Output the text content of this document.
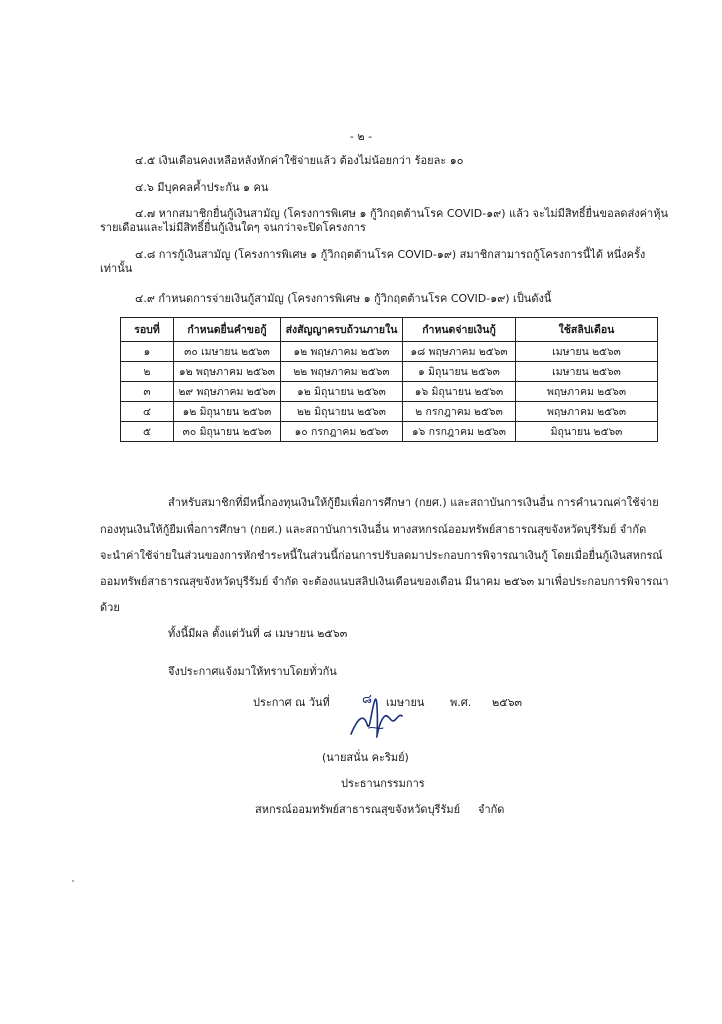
- ๒ -
๔.๕ เงินเดือนคงเหลือหลังหักค่าใช้จ่ายแล้ว ต้องไม่น้อยกว่า ร้อยละ ๑๐
๔.๖ มีบุคคลค้ำประกัน ๑ คน
๔.๗ หากสมาชิกยื่นกู้เงินสามัญ (โครงการพิเศษ ๑ กู้วิกฤตต้านโรค COVID-๑๙) แล้ว จะไม่มีสิทธิ์ยื่นขอลดส่งค่าหุ้น
รายเดือนและไม่มีสิทธิ์ยื่นกู้เงินใดๆ จนกว่าจะปิดโครงการ
๔.๘ การกู้เงินสามัญ (โครงการพิเศษ ๑ กู้วิกฤตต้านโรค COVID-๑๙) สมาชิกสามารถกู้โครงการนี้ได้ หนึ่งครั้ง
เท่านั้น
๔.๙ กำหนดการจ่ายเงินกู้สามัญ (โครงการพิเศษ ๑ กู้วิกฤตต้านโรค COVID-๑๙) เป็นดังนี้
รอบที่	กำหนดยื่นคำขอกู้	ส่งสัญญาครบถ้วนภายใน	กำหนดจ่ายเงินกู้	ใช้สลิปเดือน
๑	๓๐ เมษายน ๒๕๖๓	๑๒ พฤษภาคม ๒๕๖๓	๑๘ พฤษภาคม ๒๕๖๓	เมษายน ๒๕๖๓
๒	๑๒ พฤษภาคม ๒๕๖๓	๒๒ พฤษภาคม ๒๕๖๓	๑ มิถุนายน ๒๕๖๓	เมษายน ๒๕๖๓
๓	๒๙ พฤษภาคม ๒๕๖๓	๑๒ มิถุนายน ๒๕๖๓	๑๖ มิถุนายน ๒๕๖๓	พฤษภาคม ๒๕๖๓
๔	๑๒ มิถุนายน ๒๕๖๓	๒๒ มิถุนายน ๒๕๖๓	๒ กรกฎาคม ๒๕๖๓	พฤษภาคม ๒๕๖๓
๕	๓๐ มิถุนายน ๒๕๖๓	๑๐ กรกฎาคม ๒๕๖๓	๑๖ กรกฎาคม ๒๕๖๓	มิถุนายน ๒๕๖๓
สำหรับสมาชิกที่มีหนี้กองทุนเงินให้กู้ยืมเพื่อการศึกษา (กยศ.) และสถาบันการเงินอื่น การคำนวณค่าใช้จ่าย
กองทุนเงินให้กู้ยืมเพื่อการศึกษา (กยศ.) และสถาบันการเงินอื่น ทางสหกรณ์ออมทรัพย์สาธารณสุขจังหวัดบุรีรัมย์ จำกัด
จะนำค่าใช้จ่ายในส่วนของการหักชำระหนี้ในส่วนนี้ก่อนการปรับลดมาประกอบการพิจารณาเงินกู้ โดยเมื่อยื่นกู้เงินสหกรณ์
ออมทรัพย์สาธารณสุขจังหวัดบุรีรัมย์ จำกัด จะต้องแนบสลิปเงินเดือนของเดือน มีนาคม ๒๕๖๓ มาเพื่อประกอบการพิจารณา
ด้วย
ทั้งนี้มีผล ตั้งแต่วันที่ ๘ เมษายน ๒๕๖๓
จึงประกาศแจ้งมาให้ทราบโดยทั่วกัน
ประกาศ ณ วันที่ ๘ เมษายน พ.ศ. ๒๕๖๓
(นายสนั่น คะริมย์)
ประธานกรรมการ
สหกรณ์ออมทรัพย์สาธารณสุขจังหวัดบุรีรัมย์ จำกัด
